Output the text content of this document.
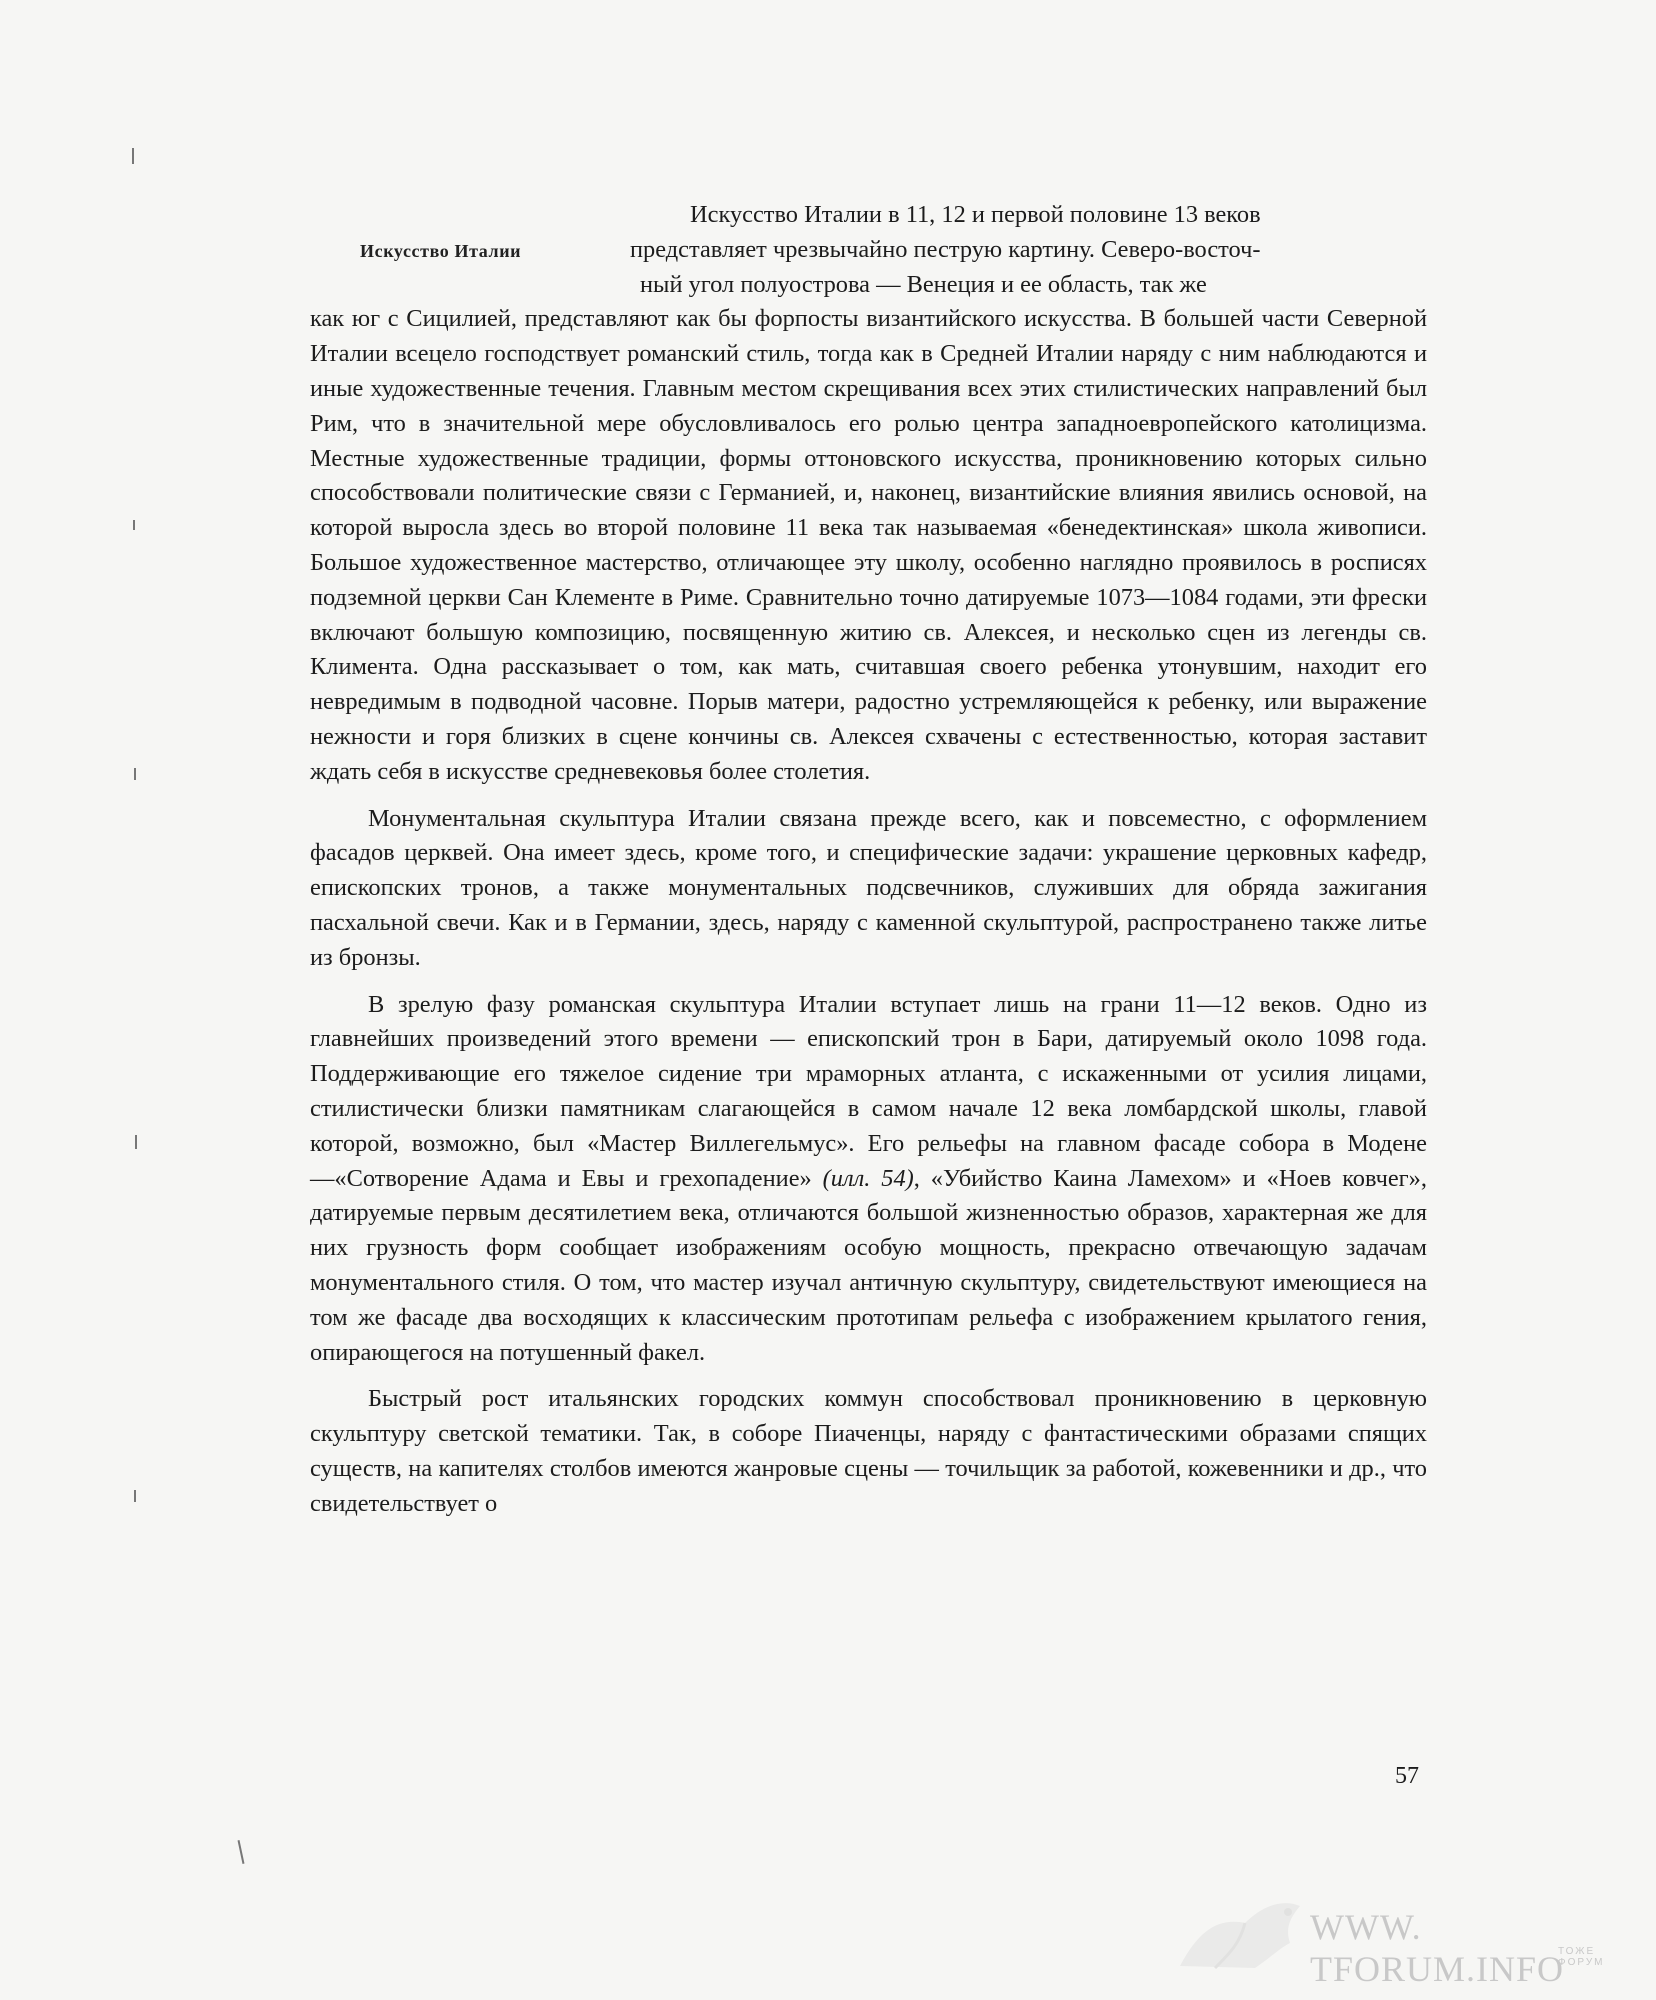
Искусство Италии

Искусство Италии в 11, 12 и первой половине 13 веков
представляет чрезвычайно пеструю картину. Северо-восточ-
ный угол полуострова — Венеция и ее область, так же
как юг с Сицилией, представляют как бы форпосты византийского искусства. В большей части Северной Италии всецело господствует романский стиль, тогда как в Средней Италии наряду с ним наблюдаются и иные художественные течения. Главным местом скрещивания всех этих стилистических направлений был Рим, что в значительной мере обусловливалось его ролью центра западноевропейского католицизма. Местные художественные традиции, формы оттоновского искусства, проникновению которых сильно способствовали политические связи с Германией, и, наконец, византийские влияния явились основой, на которой выросла здесь во второй половине 11 века так называемая «бенедектинская» школа живописи. Большое художественное мастерство, отличающее эту школу, особенно наглядно проявилось в росписях подземной церкви Сан Клементе в Риме. Сравнительно точно датируемые 1073—1084 годами, эти фрески включают большую композицию, посвященную житию св. Алексея, и несколько сцен из легенды св. Климента. Одна рассказывает о том, как мать, считавшая своего ребенка утонувшим, находит его невредимым в подводной часовне. Порыв матери, радостно устремляющейся к ребенку, или выражение нежности и горя близких в сцене кончины св. Алексея схвачены с естественностью, которая заставит ждать себя в искусстве средневековья более столетия.

Монументальная скульптура Италии связана прежде всего, как и повсеместно, с оформлением фасадов церквей. Она имеет здесь, кроме того, и специфические задачи: украшение церковных кафедр, епископских тронов, а также монументальных подсвечников, служивших для обряда зажигания пасхальной свечи. Как и в Германии, здесь, наряду с каменной скульптурой, распространено также литье из бронзы.

В зрелую фазу романская скульптура Италии вступает лишь на грани 11—12 веков. Одно из главнейших произведений этого времени — епископский трон в Бари, датируемый около 1098 года. Поддерживающие его тяжелое сидение три мраморных атланта, с искаженными от усилия лицами, стилистически близки памятникам слагающейся в самом начале 12 века ломбардской школы, главой которой, возможно, был «Мастер Виллегельмус». Его рельефы на главном фасаде собора в Модене—«Сотворение Адама и Евы и грехопадение» (илл. 54), «Убийство Каина Ламехом» и «Ноев ковчег», датируемые первым десятилетием века, отличаются большой жизненностью образов, характерная же для них грузность форм сообщает изображениям особую мощность, прекрасно отвечающую задачам монументального стиля. О том, что мастер изучал античную скульптуру, свидетельствуют имеющиеся на том же фасаде два восходящих к классическим прототипам рельефа с изображением крылатого гения, опирающегося на потушенный факел.

Быстрый рост итальянских городских коммун способствовал проникновению в церковную скульптуру светской тематики. Так, в соборе Пиаченцы, наряду с фантастическими образами спящих существ, на капителях столбов имеются жанровые сцены — точильщик за работой, кожевенники и др., что свидетельствует о

57
WWW. TFORUM.INFO
ТОЖЕ ФОРУМ
